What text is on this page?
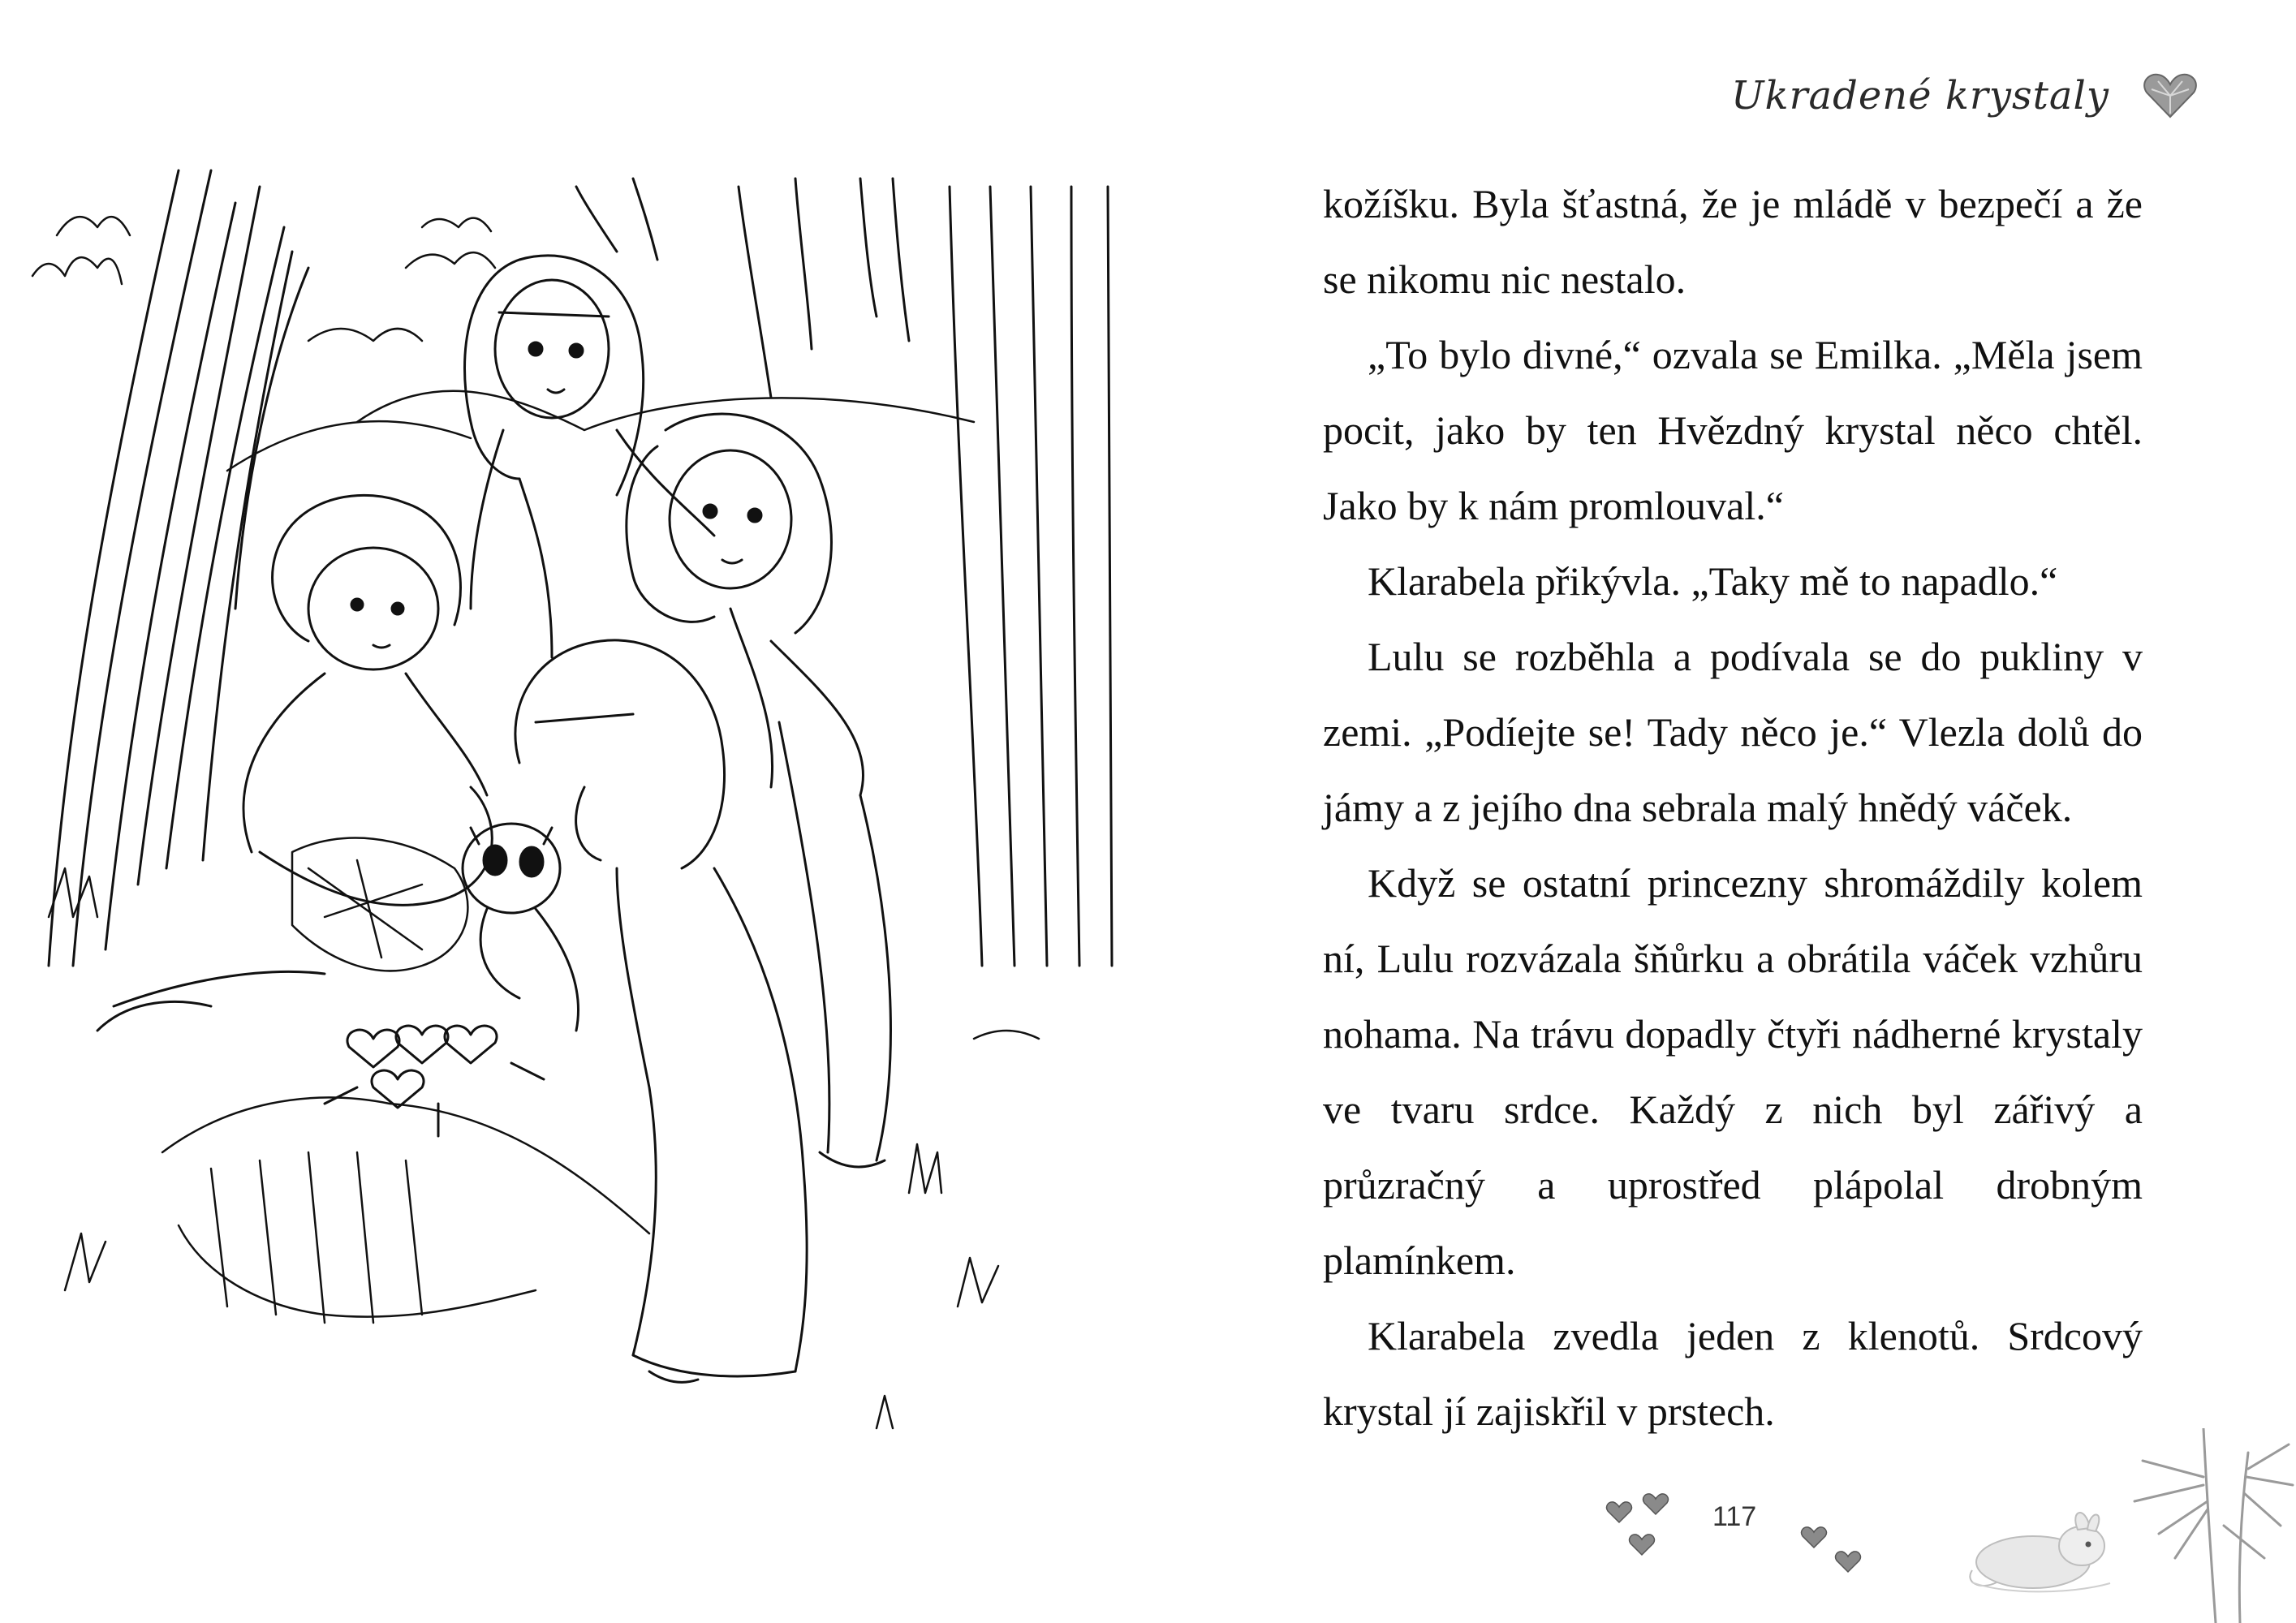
Ukradené krystaly

kožíšku. Byla šťastná, že je mládě v bezpečí a že se nikomu nic nestalo.

„To bylo divné,“ ozvala se Emilka. „Měla jsem pocit, jako by ten Hvězdný krystal něco chtěl. Jako by k nám promlouval.“

Klarabela přikývla. „Taky mě to napadlo.“

Lulu se rozběhla a podívala se do pukliny v zemi. „Podíejte se! Tady něco je.“ Vlezla dolů do jámy a z jejího dna sebrala malý hnědý váček.

Když se ostatní princezny shromáždily kolem ní, Lulu rozvázala šňůrku a obrátila váček vzhůru nohama. Na trávu dopadly čtyři nádherné krystaly ve tvaru srdce. Každý z nich byl zářivý a průzračný a uprostřed plápolal drobným plamínkem.

Klarabela zvedla jeden z klenotů. Srdcový krystal jí zajiskřil v prstech.

117
